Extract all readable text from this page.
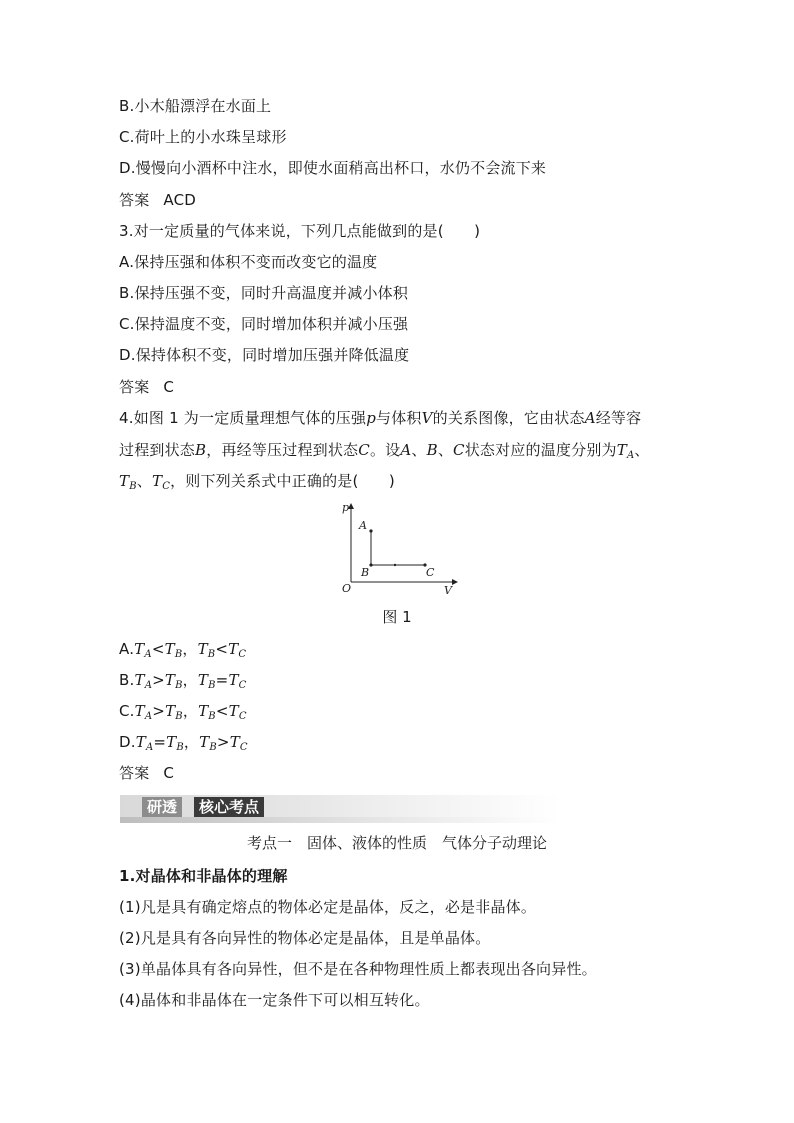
B.小木船漂浮在水面上
C.荷叶上的小水珠呈球形
D.慢慢向小酒杯中注水，即使水面稍高出杯口，水仍不会流下来
答案 ACD
3.对一定质量的气体来说，下列几点能做到的是(　　)
A.保持压强和体积不变而改变它的温度
B.保持压强不变，同时升高温度并减小体积
C.保持温度不变，同时增加体积并减小压强
D.保持体积不变，同时增加压强并降低温度
答案 C
4.如图 1 为一定质量理想气体的压强p与体积V的关系图像，它由状态A经等容
过程到状态B，再经等压过程到状态C。设A、B、C状态对应的温度分别为$T_A$、
$T_B$、$T_C$，则下列关系式中正确的是(　　)
p
V
O
A
B	C
图 1
$A.T_A<T_B$，$T_B<T_C$
$B.T_A>T_B$，$T_B=T_C$
$C.T_A>T_B$，$T_B<T_C$
$D.T_A=T_B$，$T_B>T_C$
答案 C
研透	核心考点
考点一　固体、液体的性质　气体分子动理论
1.对晶体和非晶体的理解
(1)凡是具有确定熔点的物体必定是晶体，反之，必是非晶体。
(2)凡是具有各向异性的物体必定是晶体，且是单晶体。
(3)单晶体具有各向异性，但不是在各种物理性质上都表现出各向异性。
(4)晶体和非晶体在一定条件下可以相互转化。
